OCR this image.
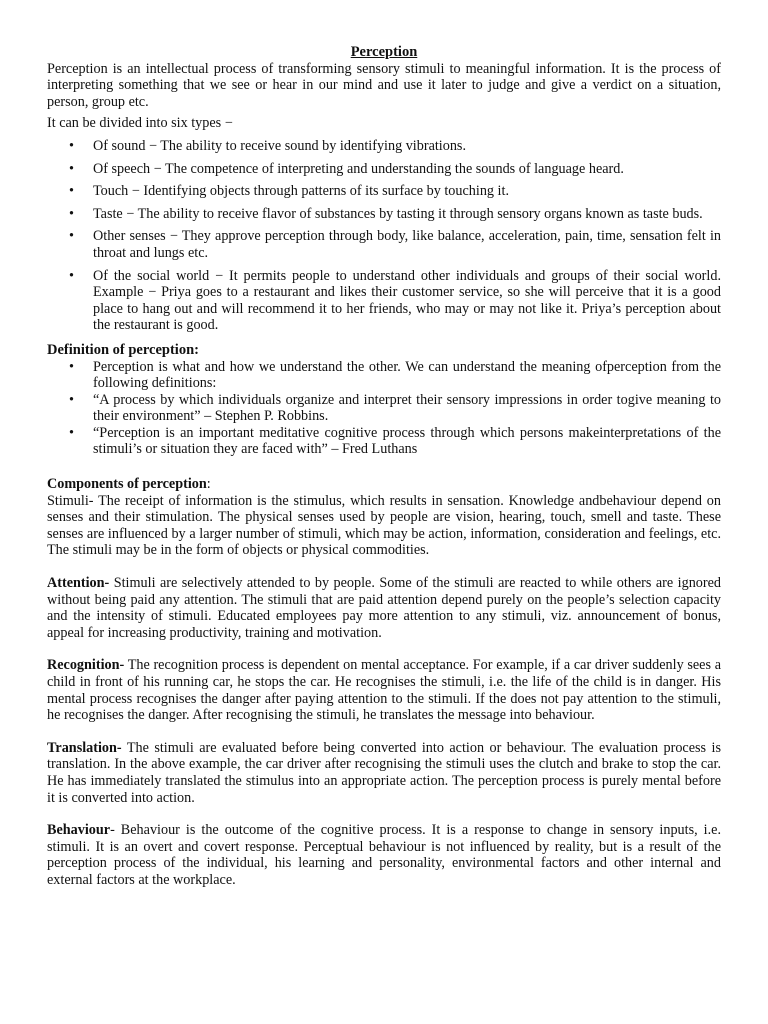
Perception

Perception is an intellectual process of transforming sensory stimuli to meaningful information. It is the process of interpreting something that we see or hear in our mind and use it later to judge and give a verdict on a situation, person, group etc.

It can be divided into six types −

• Of sound − The ability to receive sound by identifying vibrations.
• Of speech − The competence of interpreting and understanding the sounds of language heard.
• Touch − Identifying objects through patterns of its surface by touching it.
• Taste − The ability to receive flavor of substances by tasting it through sensory organs known as taste buds.
• Other senses − They approve perception through body, like balance, acceleration, pain, time, sensation felt in throat and lungs etc.
• Of the social world − It permits people to understand other individuals and groups of their social world. Example − Priya goes to a restaurant and likes their customer service, so she will perceive that it is a good place to hang out and will recommend it to her friends, who may or may not like it. Priya’s perception about the restaurant is good.
Definition of perception:
• Perception is what and how we understand the other. We can understand the meaning ofperception from the following definitions:
• “A process by which individuals organize and interpret their sensory impressions in order togive meaning to their environment” – Stephen P. Robbins.
• “Perception is an important meditative cognitive process through which persons makeinterpretations of the stimuli’s or situation they are faced with” – Fred Luthans

Components of perception:

Stimuli- The receipt of information is the stimulus, which results in sensation. Knowledge andbehaviour depend on senses and their stimulation. The physical senses used by people are vision, hearing, touch, smell and taste. These senses are influenced by a larger number of stimuli, which may be action, information, consideration and feelings, etc. The stimuli may be in the form of objects or physical commodities.

Attention- Stimuli are selectively attended to by people. Some of the stimuli are reacted to while others are ignored without being paid any attention. The stimuli that are paid attention depend purely on the people’s selection capacity and the intensity of stimuli. Educated employees pay more attention to any stimuli, viz. announcement of bonus, appeal for increasing productivity, training and motivation.

Recognition- The recognition process is dependent on mental acceptance. For example, if a car driver suddenly sees a child in front of his running car, he stops the car. He recognises the stimuli, i.e. the life of the child is in danger. His mental process recognises the danger after paying attention to the stimuli. If the does not pay attention to the stimuli, he recognises the danger. After recognising the stimuli, he translates the message into behaviour.

Translation- The stimuli are evaluated before being converted into action or behaviour. The evaluation process is translation. In the above example, the car driver after recognising the stimuli uses the clutch and brake to stop the car. He has immediately translated the stimulus into an appropriate action. The perception process is purely mental before it is converted into action.

Behaviour- Behaviour is the outcome of the cognitive process. It is a response to change in sensory inputs, i.e. stimuli. It is an overt and covert response. Perceptual behaviour is not influenced by reality, but is a result of the perception process of the individual, his learning and personality, environmental factors and other internal and external factors at the workplace.
